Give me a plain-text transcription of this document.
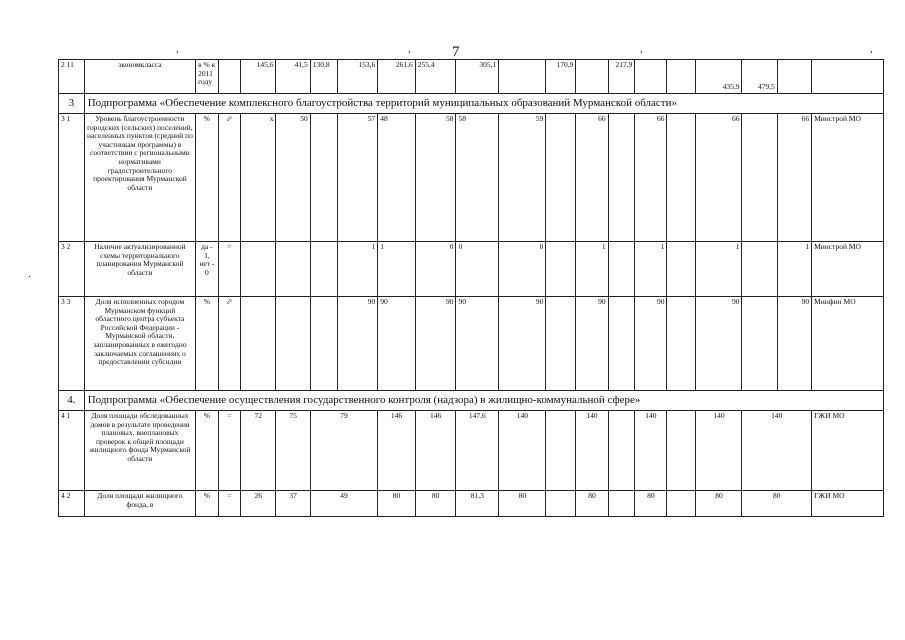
7
,	,	,	,
.
2 11	экономкласса	в % к 2011 году		145,6	41,5	130,8	153,6	261,6	255,4	305,1		170,9		217,9			435,9	479,5		
3	Подпрограмма «Обеспечение комплексного благоустройства территорий муниципальных образований Мурманской области»																			
3 1	Уровень благоустроенности городских (сельских) поселений, населенных пунктов (средний по участникам программы) в соответствии с региональными нормативами градостроительного проектирования Мурманской области	%	⬀	x	50		57	48	58	58	59		66		66		66		66	Минстрой МО
3 2	Наличие актуализированной схемы территориального планирования Мурманской области	да - 1, нет - 0	=				1	1	0	0	0		1		1		1		1	Минстрой МО
3 3	Доля исполненных городом Мурманском функций областного центра субъекта Российской Федерации - Мурманской области, запланированных в ежегодно заключаемых соглашениях о предоставлении субсидии	%	⬀				90	90	90	90	90		90		90		90		90	Минфин МО
4.	Подпрограмма «Обеспечение осуществления государственного контроля (надзора) в жилищно-коммунальной сфере»																			
4 1	Доля площади обследованных домов в результате проведения плановых, внеплановых проверок к общей площади жилищного фонда Мурманской области	%	=	72	75	79		146	146	147,6	140		140		140		140	140		ГЖИ МО
4 2	Доля площади жилищного фонда, в	%	=	26	37	49		80	80	81,3	80		80		80		80	80		ГЖИ МО
